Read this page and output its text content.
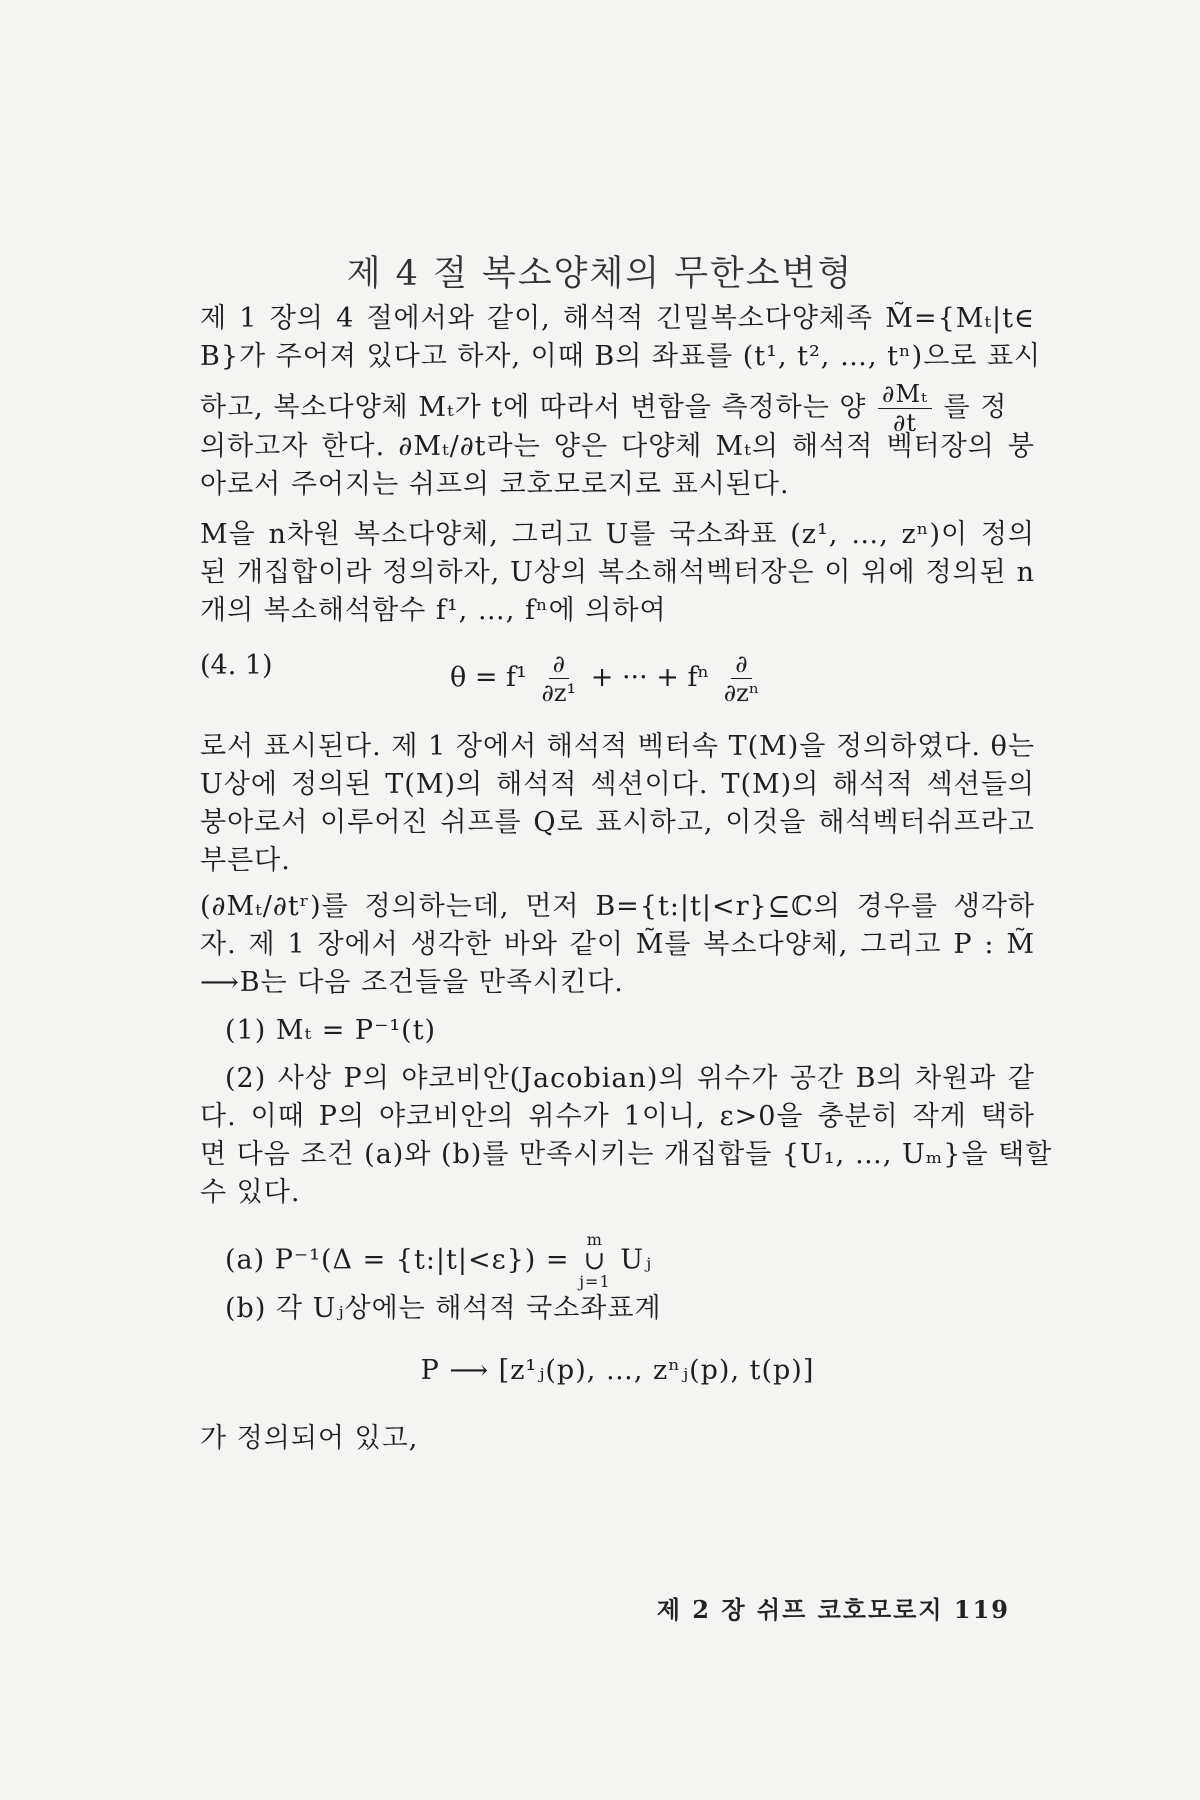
제 4 절 복소양체의 무한소변형
제 1 장의 4 절에서와 같이, 해석적 긴밀복소다양체족 M̃={Mₜ|t∈
B}가 주어져 있다고 하자, 이때 B의 좌표를 (t¹, t², …, tⁿ)으로 표시
하고, 복소다양체 Mₜ가 t에 따라서 변함을 측정하는 양 $\frac{\text{∂Mₜ}}{\partial t}$ 를 정
의하고자 한다. ∂Mₜ/∂t라는 양은 다양체 Mₜ의 해석적 벡터장의 붕
아로서 주어지는 쉬프의 코호모로지로 표시된다.
M을 n차원 복소다양체, 그리고 U를 국소좌표 (z¹, …, zⁿ)이 정의
된 개집합이라 정의하자, U상의 복소해석벡터장은 이 위에 정의된 n
개의 복소해석함수 f¹, …, fⁿ에 의하여
(4. 1)	$\theta = f^1 \frac{\partial}{\text{∂z¹}}$ + ··· + fⁿ $\frac{\partial}{\text{∂zⁿ}}$
로서 표시된다. 제 1 장에서 해석적 벡터속 T(M)을 정의하였다. θ는
U상에 정의된 T(M)의 해석적 섹션이다. T(M)의 해석적 섹션들의
붕아로서 이루어진 쉬프를 Q로 표시하고, 이것을 해석벡터쉬프라고
부른다.
(∂Mₜ/∂tʳ)를 정의하는데, 먼저 B={t:|t|<r}⊆ℂ의 경우를 생각하
자. 제 1 장에서 생각한 바와 같이 M̃를 복소다양체, 그리고 P : M̃
⟶B는 다음 조건들을 만족시킨다.
(1) Mₜ = P⁻¹(t)
(2) 사상 P의 야코비안(Jacobian)의 위수가 공간 B의 차원과 같
다. 이때 P의 야코비안의 위수가 1이니, ε>0을 충분히 작게 택하
면 다음 조건 (a)와 (b)를 만족시키는 개집합들 {U₁, …, Uₘ}을 택할
수 있다.
(a) P⁻¹(Δ = {t:|t|<ε}) =
m
∪
j=1
Uⱼ
(b) 각 Uⱼ상에는 해석적 국소좌표계
P ⟶ [z¹ⱼ(p), …, zⁿⱼ(p), t(p)]
가 정의되어 있고,
제 2 장 쉬프 코호모로지 119
